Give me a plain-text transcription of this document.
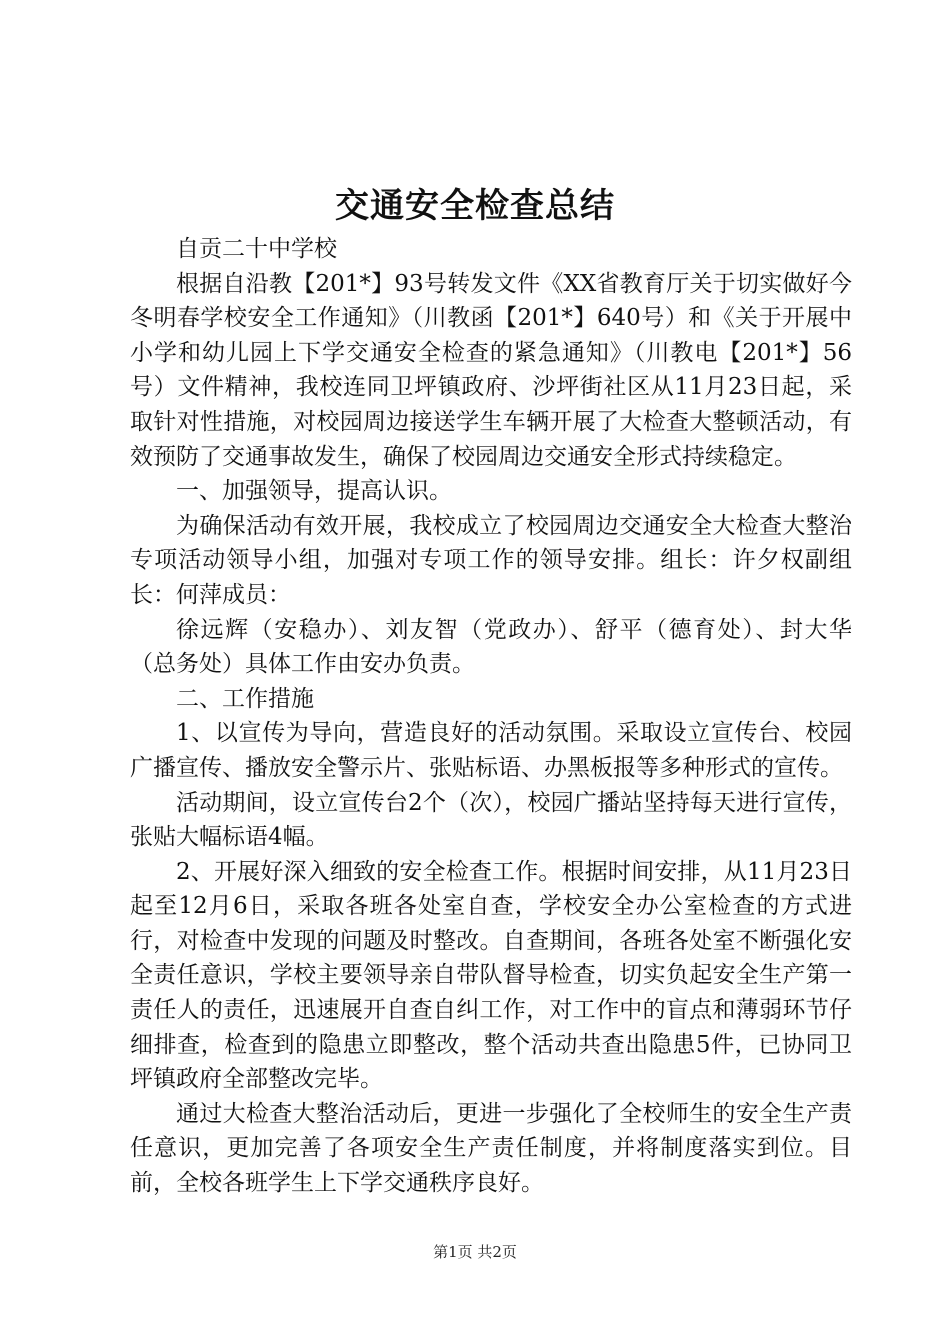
交通安全检查总结

自贡二十中学校

根据自沿教【201*】93号转发文件《XX省教育厅关于切实做好今冬明春学校安全工作通知》（川教函【201*】640号）和《关于开展中小学和幼儿园上下学交通安全检查的紧急通知》（川教电【201*】56号）文件精神，我校连同卫坪镇政府、沙坪街社区从11月23日起，采取针对性措施，对校园周边接送学生车辆开展了大检查大整顿活动，有效预防了交通事故发生，确保了校园周边交通安全形式持续稳定。

一、加强领导，提高认识。

为确保活动有效开展，我校成立了校园周边交通安全大检查大整治专项活动领导小组，加强对专项工作的领导安排。组长：许夕权副组长：何萍成员：

徐远辉（安稳办）、刘友智（党政办）、舒平（德育处）、封大华（总务处）具体工作由安办负责。

二、工作措施

1、以宣传为导向，营造良好的活动氛围。采取设立宣传台、校园广播宣传、播放安全警示片、张贴标语、办黑板报等多种形式的宣传。

活动期间，设立宣传台2个（次），校园广播站坚持每天进行宣传，张贴大幅标语4幅。

2、开展好深入细致的安全检查工作。根据时间安排，从11月23日起至12月6日，采取各班各处室自查，学校安全办公室检查的方式进行，对检查中发现的问题及时整改。自查期间，各班各处室不断强化安全责任意识，学校主要领导亲自带队督导检查，切实负起安全生产第一责任人的责任，迅速展开自查自纠工作，对工作中的盲点和薄弱环节仔细排查，检查到的隐患立即整改，整个活动共查出隐患5件，已协同卫坪镇政府全部整改完毕。

通过大检查大整治活动后，更进一步强化了全校师生的安全生产责任意识，更加完善了各项安全生产责任制度，并将制度落实到位。目前，全校各班学生上下学交通秩序良好。

第1页 共2页
